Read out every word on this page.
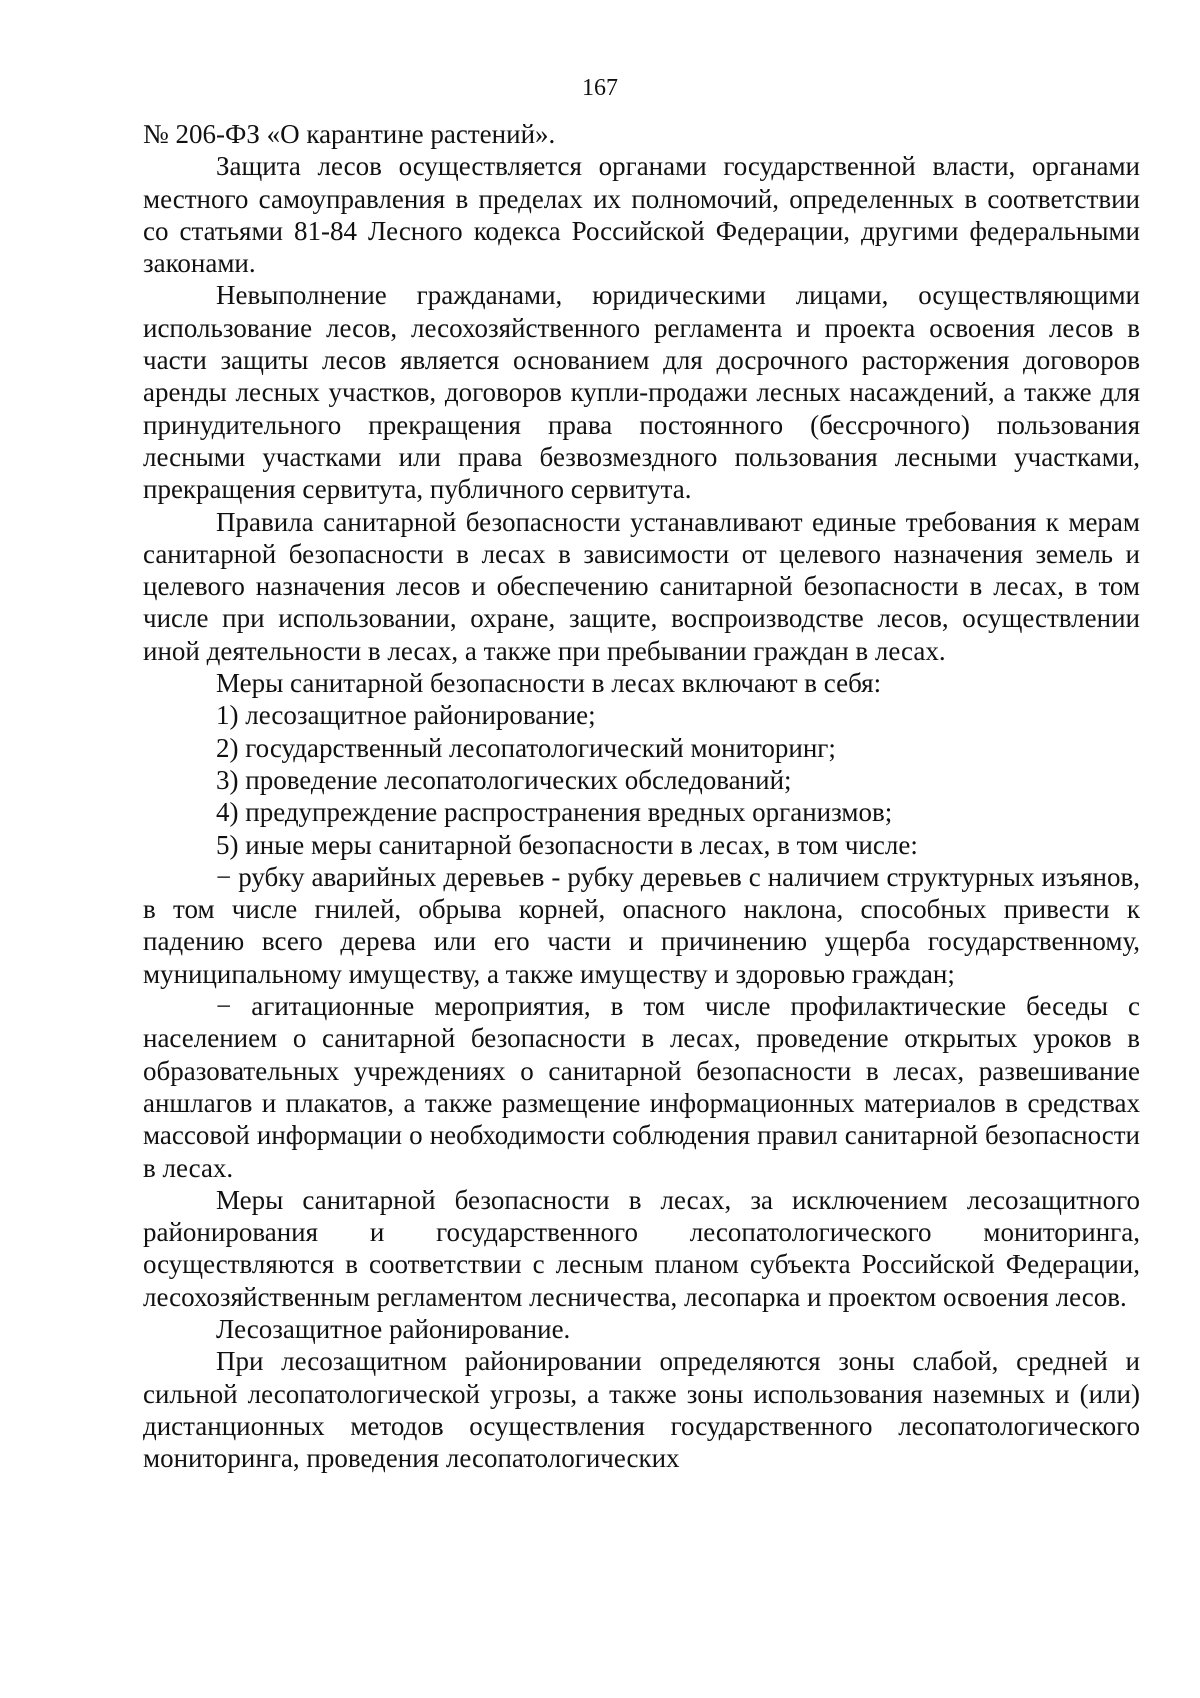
167

№ 206-ФЗ «О карантине растений».

Защита лесов осуществляется органами государственной власти, органами местного самоуправления в пределах их полномочий, определенных в соответствии со статьями 81-84 Лесного кодекса Российской Федерации, другими федеральными законами.

Невыполнение гражданами, юридическими лицами, осуществляющими использование лесов, лесохозяйственного регламента и проекта освоения лесов в части защиты лесов является основанием для досрочного расторжения договоров аренды лесных участков, договоров купли-продажи лесных насаждений, а также для принудительного прекращения права постоянного (бессрочного) пользования лесными участками или права безвозмездного пользования лесными участками, прекращения сервитута, публичного сервитута.

Правила санитарной безопасности устанавливают единые требования к мерам санитарной безопасности в лесах в зависимости от целевого назначения земель и целевого назначения лесов и обеспечению санитарной безопасности в лесах, в том числе при использовании, охране, защите, воспроизводстве лесов, осуществлении иной деятельности в лесах, а также при пребывании граждан в лесах.

Меры санитарной безопасности в лесах включают в себя:

1) лесозащитное районирование;

2) государственный лесопатологический мониторинг;

3) проведение лесопатологических обследований;

4) предупреждение распространения вредных организмов;

5) иные меры санитарной безопасности в лесах, в том числе:

− рубку аварийных деревьев - рубку деревьев с наличием структурных изъянов, в том числе гнилей, обрыва корней, опасного наклона, способных привести к падению всего дерева или его части и причинению ущерба государственному, муниципальному имуществу, а также имуществу и здоровью граждан;

− агитационные мероприятия, в том числе профилактические беседы с населением о санитарной безопасности в лесах, проведение открытых уроков в образовательных учреждениях о санитарной безопасности в лесах, развешивание аншлагов и плакатов, а также размещение информационных материалов в средствах массовой информации о необходимости соблюдения правил санитарной безопасности в лесах.

Меры санитарной безопасности в лесах, за исключением лесозащитного районирования и государственного лесопатологического мониторинга, осуществляются в соответствии с лесным планом субъекта Российской Федерации, лесохозяйственным регламентом лесничества, лесопарка и проектом освоения лесов.

Лесозащитное районирование.

При лесозащитном районировании определяются зоны слабой, средней и сильной лесопатологической угрозы, а также зоны использования наземных и (или) дистанционных методов осуществления государственного лесопатологического мониторинга, проведения лесопатологических
